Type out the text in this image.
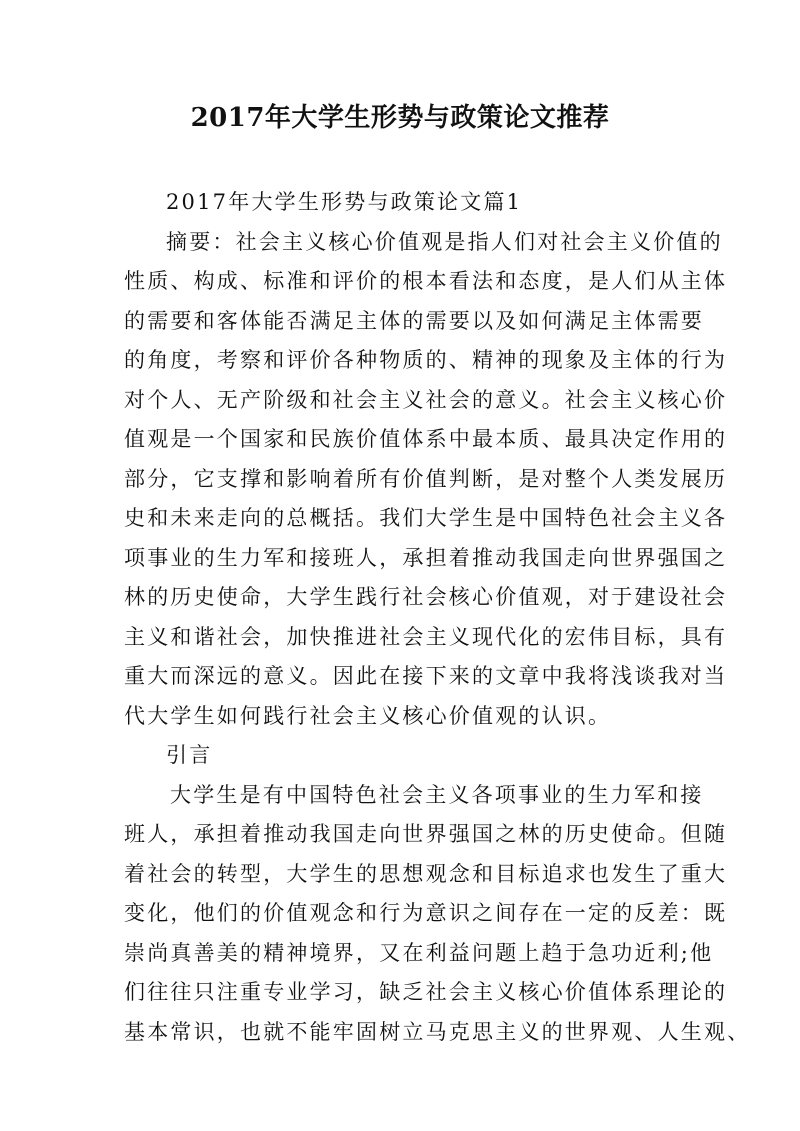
2017年大学生形势与政策论文推荐
2017年大学生形势与政策论文篇1
摘要：社会主义核心价值观是指人们对社会主义价值的
性质、构成、标准和评价的根本看法和态度，是人们从主体
的需要和客体能否满足主体的需要以及如何满足主体需要
的角度，考察和评价各种物质的、精神的现象及主体的行为
对个人、无产阶级和社会主义社会的意义。社会主义核心价
值观是一个国家和民族价值体系中最本质、最具决定作用的
部分，它支撑和影响着所有价值判断，是对整个人类发展历
史和未来走向的总概括。我们大学生是中国特色社会主义各
项事业的生力军和接班人，承担着推动我国走向世界强国之
林的历史使命，大学生践行社会核心价值观，对于建设社会
主义和谐社会，加快推进社会主义现代化的宏伟目标，具有
重大而深远的意义。因此在接下来的文章中我将浅谈我对当
代大学生如何践行社会主义核心价值观的认识。
引言
大学生是有中国特色社会主义各项事业的生力军和接
班人，承担着推动我国走向世界强国之林的历史使命。但随
着社会的转型，大学生的思想观念和目标追求也发生了重大
变化，他们的价值观念和行为意识之间存在一定的反差：既
崇尚真善美的精神境界，又在利益问题上趋于急功近利;他
们往往只注重专业学习，缺乏社会主义核心价值体系理论的
基本常识，也就不能牢固树立马克思主义的世界观、人生观、
